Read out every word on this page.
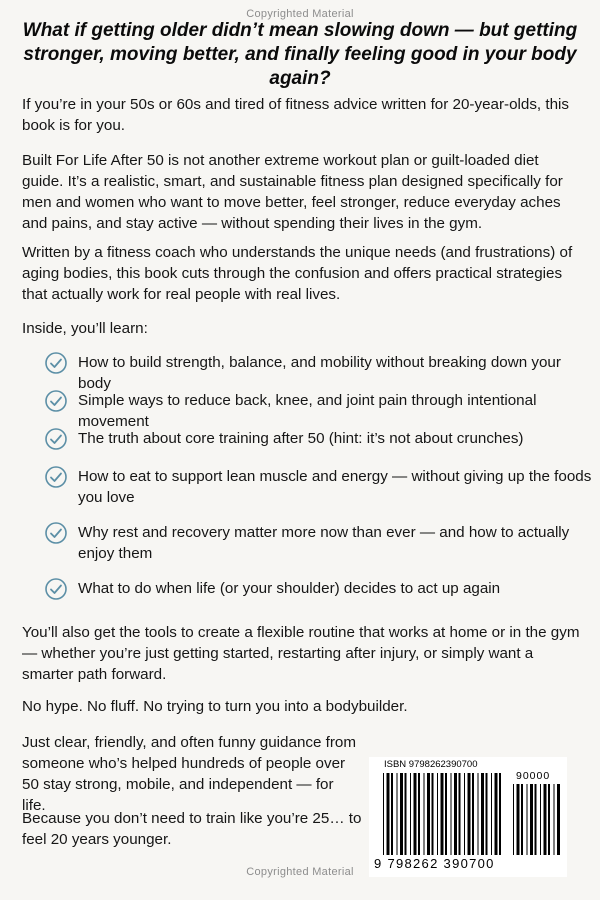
Copyrighted Material
What if getting older didn’t mean slowing down — but getting stronger, moving better, and finally feeling good in your body again?
If you’re in your 50s or 60s and tired of fitness advice written for 20-year-olds, this book is for you.
Built For Life After 50 is not another extreme workout plan or guilt-loaded diet guide. It’s a realistic, smart, and sustainable fitness plan designed specifically for men and women who want to move better, feel stronger, reduce everyday aches and pains, and stay active — without spending their lives in the gym.
Written by a fitness coach who understands the unique needs (and frustrations) of aging bodies, this book cuts through the confusion and offers practical strategies that actually work for real people with real lives.
Inside, you’ll learn:
How to build strength, balance, and mobility without breaking down your body
Simple ways to reduce back, knee, and joint pain through intentional movement
The truth about core training after 50 (hint: it’s not about crunches)
How to eat to support lean muscle and energy — without giving up the foods you love
Why rest and recovery matter more now than ever — and how to actually enjoy them
What to do when life (or your shoulder) decides to act up again
You’ll also get the tools to create a flexible routine that works at home or in the gym — whether you’re just getting started, restarting after injury, or simply want a smarter path forward.
No hype. No fluff. No trying to turn you into a bodybuilder.
Just clear, friendly, and often funny guidance from someone who’s helped hundreds of people over 50 stay strong, mobile, and independent — for life.
Because you don’t need to train like you’re 25… to feel 20 years younger.
ISBN 9798262390700
90000
9 798262 390700
Copyrighted Material
